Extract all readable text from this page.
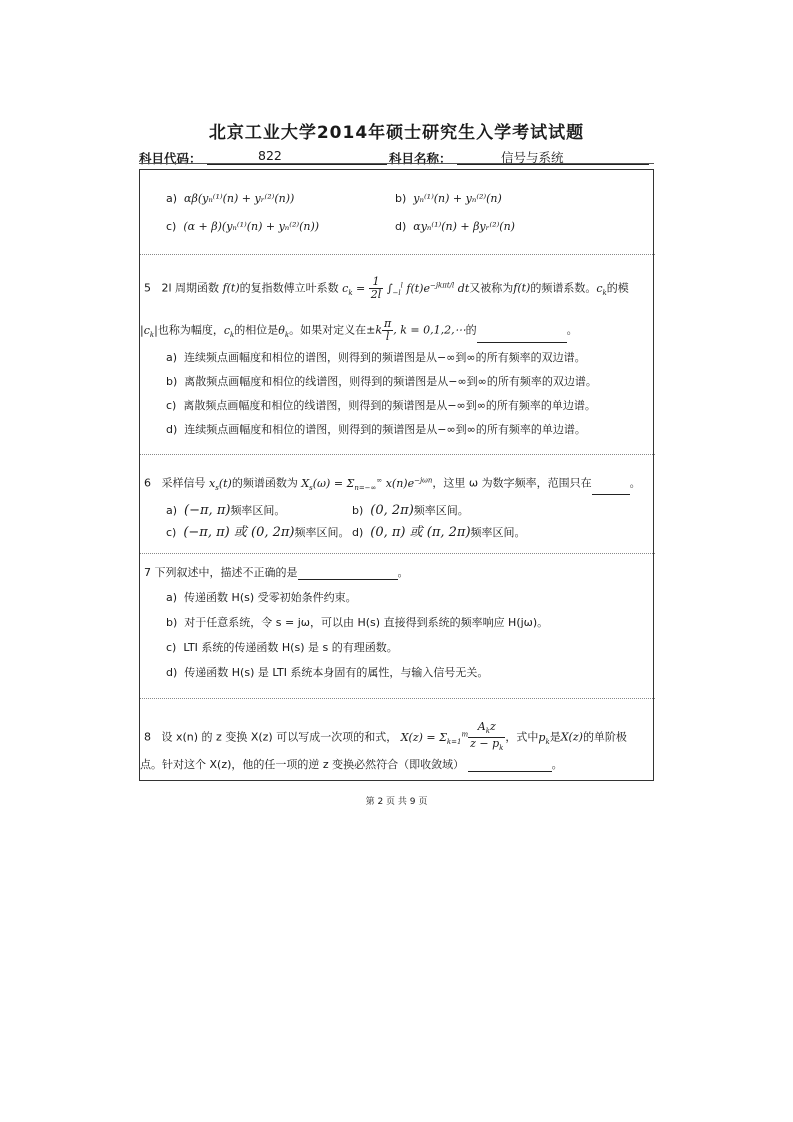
北京工业大学2014年硕士研究生入学考试试题
科目代码：	822	科目名称：	信号与系统
a) αβ(yₙ⁽¹⁾(n) + yᵣ⁽²⁾(n))	b) yₙ⁽¹⁾(n) + yₙ⁽²⁾(n)
c) (α + β)(yₙ⁽¹⁾(n) + yₙ⁽²⁾(n))	d) αyₙ⁽¹⁾(n) + βyᵣ⁽²⁾(n)
5 2l 周期函数 f(t)的复指数傅立叶系数 $c_k = \frac{1}{2l} \int_{-l}^l$ $f(t)e^{-jk\pi t/l}$ dt又被称为f(t)的频谱系数。$c_k$的模
$|c_k|$也称为幅度，$c_k$的相位是$\theta_k$。如果对定义在$\pm k \frac{\pi}{l}$ , k = 0,1,2,⋯的	。
a) 连续频点画幅度和相位的谱图，则得到的频谱图是从−∞到∞的所有频率的双边谱。
b) 离散频点画幅度和相位的线谱图，则得到的频谱图是从−∞到∞的所有频率的双边谱。
c) 离散频点画幅度和相位的线谱图，则得到的频谱图是从−∞到∞的所有频率的单边谱。
d) 连续频点画幅度和相位的谱图，则得到的频谱图是从−∞到∞的所有频率的单边谱。
6 采样信号 $x_s(t)$的频谱函数为 $X_s(\omega) = \Sigma_{n=-\infty}^\infty$ $x(n)e^{-j\omega n}$，这里 ω 为数字频率，范围只在	。
a) (−π, π)频率区间。	b) (0, 2π)频率区间。
c) (−π, π) 或 (0, 2π)频率区间。 d) (0, π) 或 (π, 2π)频率区间。
7 下列叙述中，描述不正确的是	。
a) 传递函数 H(s) 受零初始条件约束。
b) 对于任意系统，令 s = jω，可以由 H(s) 直接得到系统的频率响应 H(jω)。
c) LTI 系统的传递函数 H(s) 是 s 的有理函数。
d) 传递函数 H(s) 是 LTI 系统本身固有的属性，与输入信号无关。
8 设 x(n) 的 z 变换 X(z) 可以写成一次项的和式， $X(z) = \Sigma_{k=1}^m \frac{A_kz}{z - p_k}$ ，式中$p_k$是X(z)的单阶极
点。针对这个 X(z)，他的任一项的逆 z 变换必然符合（即收敛域）	。
第 2 页 共 9 页
